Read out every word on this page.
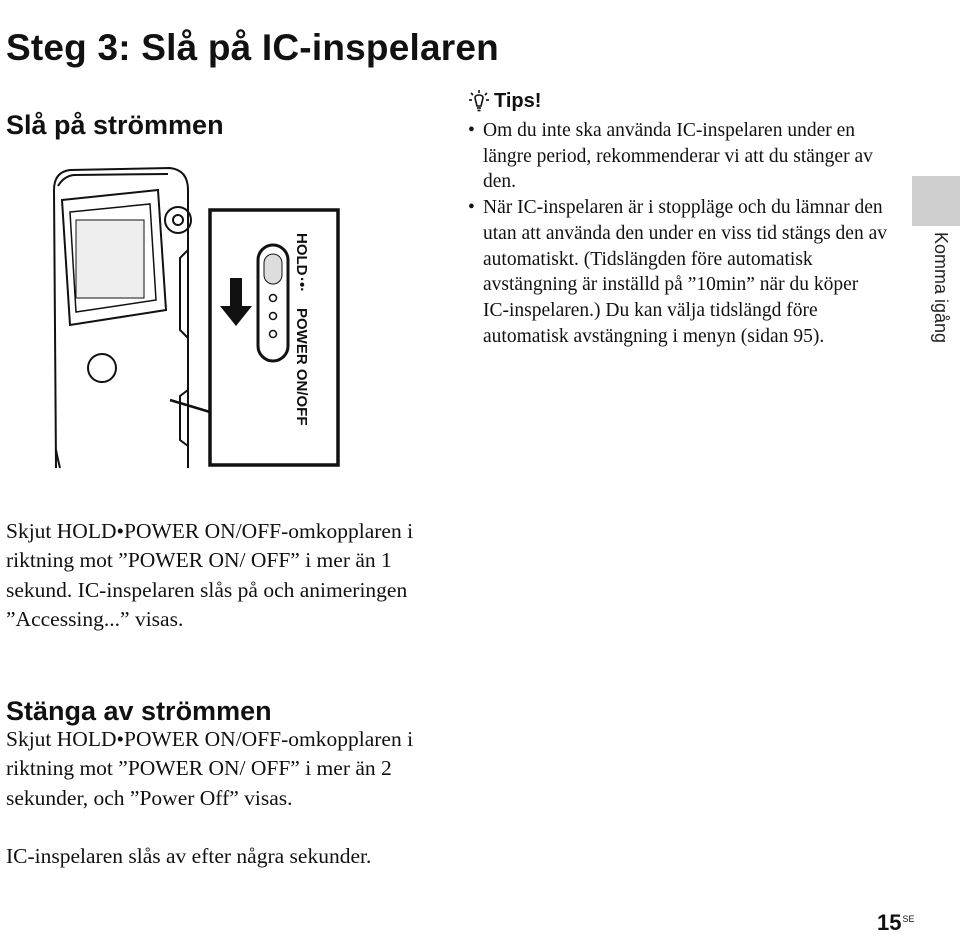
Steg 3: Slå på IC-inspelaren
Slå på strömmen
HOLD
·•·
POWER ON/OFF
Tips!
• Om du inte ska använda IC-inspelaren under en längre period, rekommenderar vi att du stänger av den.
• När IC-inspelaren är i stoppläge och du lämnar den utan att använda den under en viss tid stängs den av automatiskt. (Tidslängden före automatisk avstängning är inställd på ”10min” när du köper IC-inspelaren.) Du kan välja tidslängd före automatisk avstängning i menyn (sidan 95).

Skjut HOLD•POWER ON/OFF-omkopplaren i riktning mot ”POWER ON/ OFF” i mer än 1 sekund. IC-inspelaren slås på och animeringen ”Accessing...” visas.

Stänga av strömmen

Skjut HOLD•POWER ON/OFF-omkopplaren i riktning mot ”POWER ON/ OFF” i mer än 2 sekunder, och ”Power Off” visas.

IC-inspelaren slås av efter några sekunder.

Komma igång
$15^{SE}$
